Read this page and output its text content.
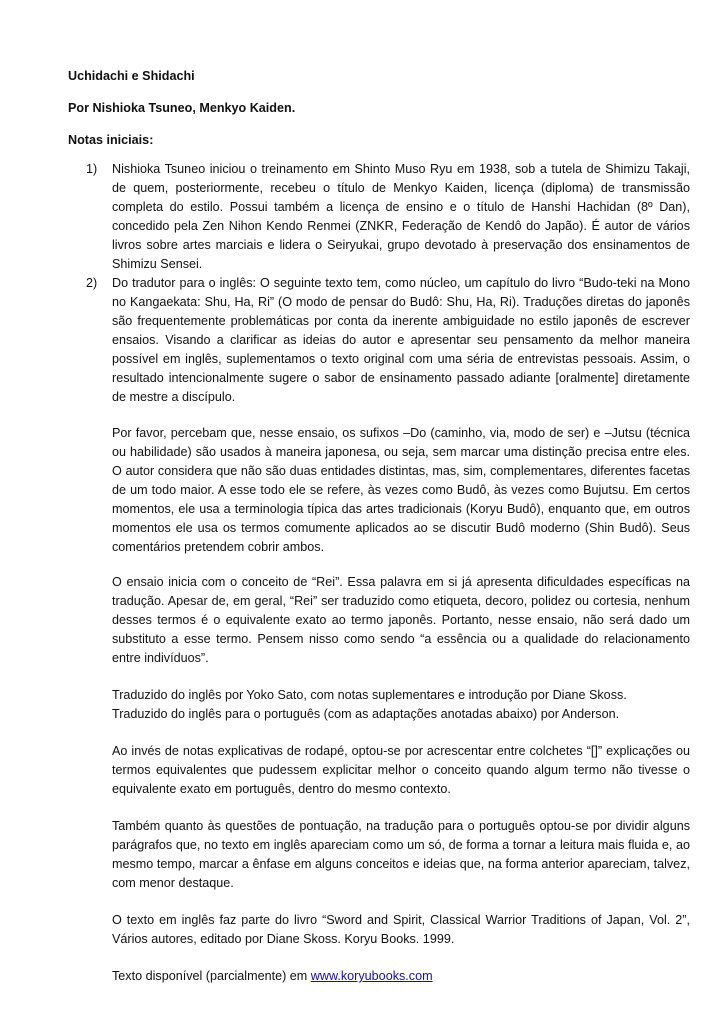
Uchidachi e Shidachi
Por Nishioka Tsuneo, Menkyo Kaiden.
Notas iniciais:
1)	Nishioka Tsuneo iniciou o treinamento em Shinto Muso Ryu em 1938, sob a tutela de Shimizu Takaji, de quem, posteriormente, recebeu o título de Menkyo Kaiden, licença (diploma) de transmissão completa do estilo. Possui também a licença de ensino e o título de Hanshi Hachidan (8º Dan), concedido pela Zen Nihon Kendo Renmei (ZNKR, Federação de Kendô do Japão). É autor de vários livros sobre artes marciais e lidera o Seiryukai, grupo devotado à preservação dos ensinamentos de Shimizu Sensei.

2)	Do tradutor para o inglês: O seguinte texto tem, como núcleo, um capítulo do livro “Budo-teki na Mono no Kangaekata: Shu, Ha, Ri” (O modo de pensar do Budô: Shu, Ha, Ri). Traduções diretas do japonês são frequentemente problemáticas por conta da inerente ambiguidade no estilo japonês de escrever ensaios. Visando a clarificar as ideias do autor e apresentar seu pensamento da melhor maneira possível em inglês, suplementamos o texto original com uma séria de entrevistas pessoais. Assim, o resultado intencionalmente sugere o sabor de ensinamento passado adiante [oralmente] diretamente de mestre a discípulo.

Por favor, percebam que, nesse ensaio, os sufixos –Do (caminho, via, modo de ser) e –Jutsu (técnica ou habilidade) são usados à maneira japonesa, ou seja, sem marcar uma distinção precisa entre eles. O autor considera que não são duas entidades distintas, mas, sim, complementares, diferentes facetas de um todo maior. A esse todo ele se refere, às vezes como Budô, às vezes como Bujutsu. Em certos momentos, ele usa a terminologia típica das artes tradicionais (Koryu Budô), enquanto que, em outros momentos ele usa os termos comumente aplicados ao se discutir Budô moderno (Shin Budô). Seus comentários pretendem cobrir ambos.

O ensaio inicia com o conceito de “Rei”. Essa palavra em si já apresenta dificuldades específicas na tradução. Apesar de, em geral, “Rei” ser traduzido como etiqueta, decoro, polidez ou cortesia, nenhum desses termos é o equivalente exato ao termo japonês. Portanto, nesse ensaio, não será dado um substituto a esse termo. Pensem nisso como sendo “a essência ou a qualidade do relacionamento entre indivíduos”.

Traduzido do inglês por Yoko Sato, com notas suplementares e introdução por Diane Skoss.
Traduzido do inglês para o português (com as adaptações anotadas abaixo) por Anderson.

Ao invés de notas explicativas de rodapé, optou-se por acrescentar entre colchetes “[]” explicações ou termos equivalentes que pudessem explicitar melhor o conceito quando algum termo não tivesse o equivalente exato em português, dentro do mesmo contexto.

Também quanto às questões de pontuação, na tradução para o português optou-se por dividir alguns parágrafos que, no texto em inglês apareciam como um só, de forma a tornar a leitura mais fluida e, ao mesmo tempo, marcar a ênfase em alguns conceitos e ideias que, na forma anterior apareciam, talvez, com menor destaque.

O texto em inglês faz parte do livro “Sword and Spirit, Classical Warrior Traditions of Japan, Vol. 2”, Vários autores, editado por Diane Skoss. Koryu Books. 1999.

Texto disponível (parcialmente) em www.koryubooks.com
